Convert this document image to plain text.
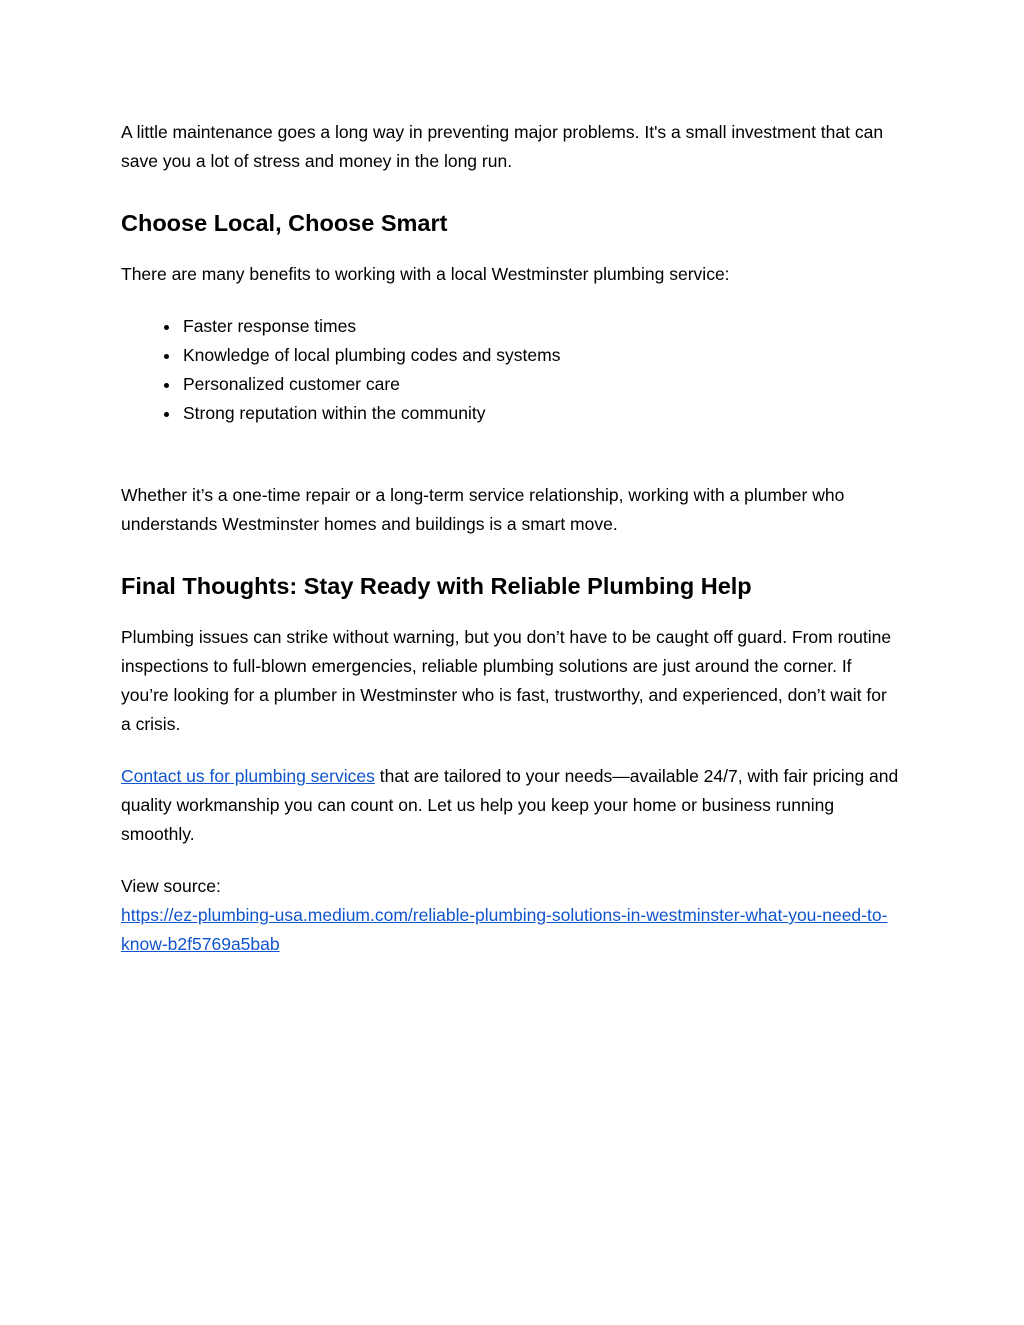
A little maintenance goes a long way in preventing major problems. It's a small investment that can save you a lot of stress and money in the long run.

Choose Local, Choose Smart

There are many benefits to working with a local Westminster plumbing service:

• Faster response times
• Knowledge of local plumbing codes and systems
• Personalized customer care
• Strong reputation within the community

Whether it’s a one-time repair or a long-term service relationship, working with a plumber who understands Westminster homes and buildings is a smart move.

Final Thoughts: Stay Ready with Reliable Plumbing Help

Plumbing issues can strike without warning, but you don’t have to be caught off guard. From routine inspections to full-blown emergencies, reliable plumbing solutions are just around the corner. If you’re looking for a plumber in Westminster who is fast, trustworthy, and experienced, don’t wait for a crisis.

Contact us for plumbing services that are tailored to your needs—available 24/7, with fair pricing and quality workmanship you can count on. Let us help you keep your home or business running smoothly.

View source:
https://ez-plumbing-usa.medium.com/reliable-plumbing-solutions-in-westminster-what-you-need-to-know-b2f5769a5bab
